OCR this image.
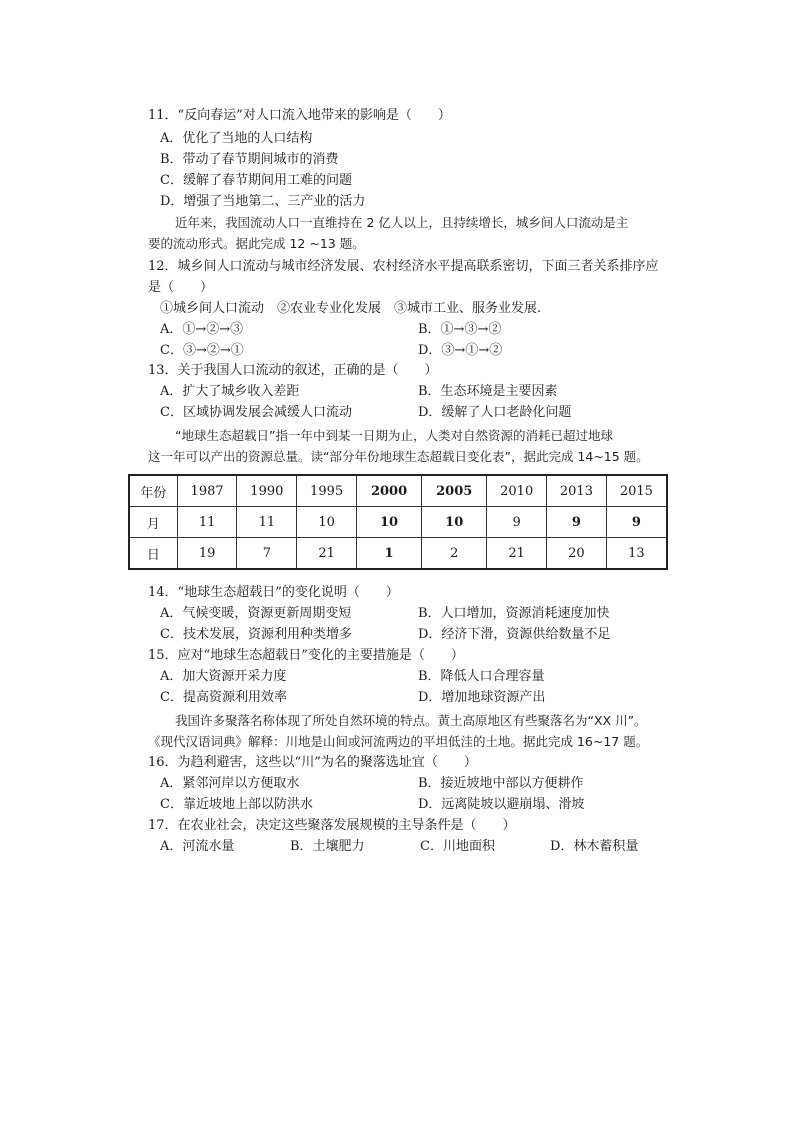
11．“反向春运”对人口流入地带来的影响是（　　）
A．优化了当地的人口结构
B．带动了春节期间城市的消费
C．缓解了春节期间用工难的问题
D．增强了当地第二、三产业的活力
近年来，我国流动人口一直维持在 2 亿人以上，且持续增长，城乡间人口流动是主
要的流动形式。据此完成 12 ~13 题。
12．城乡间人口流动与城市经济发展、农村经济水平提高联系密切，下面三者关系排序应
是（　　）
①城乡间人口流动　②农业专业化发展　③城市工业、服务业发展.
A．①→②→③	B．①→③→②
C．③→②→①	D．③→①→②
13．关于我国人口流动的叙述，正确的是（　　）
A．扩大了城乡收入差距	B．生态环境是主要因素
C．区域协调发展会减缓人口流动	D．缓解了人口老龄化问题
“地球生态超载日”指一年中到某一日期为止，人类对自然资源的消耗已超过地球
这一年可以产出的资源总量。读“部分年份地球生态超载日变化表”，据此完成 14~15 题。
年份	1987	1990	1995	2000	2005	2010	2013	2015
月	11	11	10	10	10	9	9	9
日	19	7	21	1	2	21	20	13
14．“地球生态超载日”的变化说明（　　）
A．气候变暖，资源更新周期变短	B．人口增加，资源消耗速度加快
C．技术发展，资源利用种类增多	D．经济下滑，资源供给数量不足
15．应对“地球生态超载日”变化的主要措施是（　　）
A．加大资源开采力度	B．降低人口合理容量
C．提高资源利用效率	D．增加地球资源产出
我国许多聚落名称体现了所处自然环境的特点。黄土高原地区有些聚落名为“XX 川”。
《现代汉语词典》解释：川地是山间或河流两边的平坦低洼的土地。据此完成 16~17 题。
16．为趋利避害，这些以“川”为名的聚落选址宜（　　）
A．紧邻河岸以方便取水	B．接近坡地中部以方便耕作
C．靠近坡地上部以防洪水	D．远离陡坡以避崩塌、滑坡
17．在农业社会，决定这些聚落发展规模的主导条件是（　　）
A．河流水量	B．土壤肥力	C．川地面积	D．林木蓄积量
